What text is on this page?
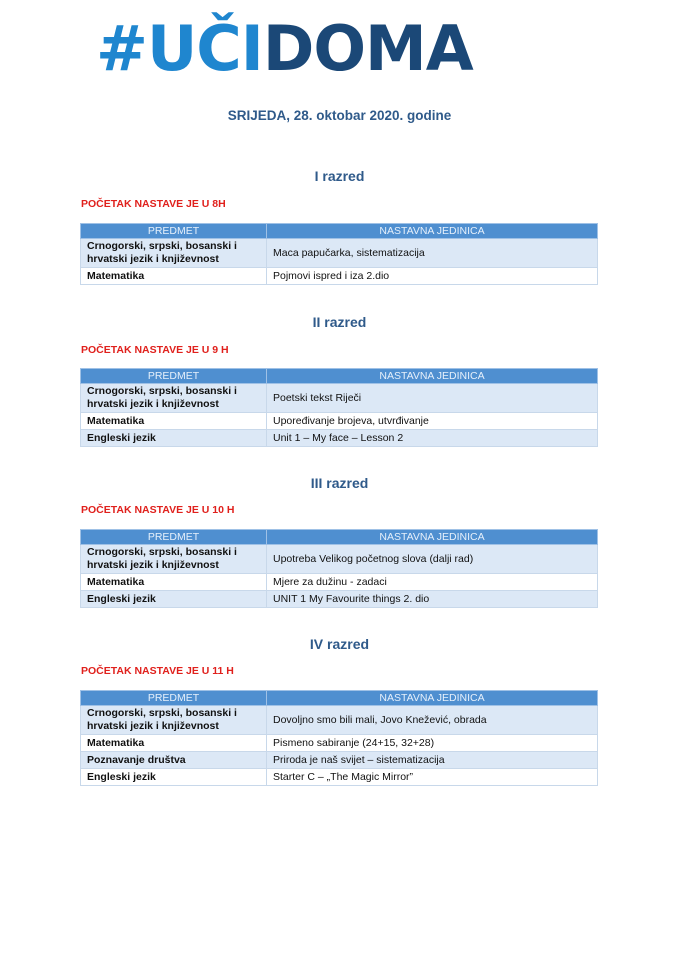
#UČIDOMA
SRIJEDA, 28. oktobar 2020. godine
I razred
POČETAK NASTAVE JE U 8H
PREDMET	NASTAVNA JEDINICA
Crnogorski, srpski, bosanski i hrvatski jezik i književnost	Maca papučarka, sistematizacija
Matematika	Pojmovi ispred i iza 2.dio
II razred
POČETAK NASTAVE JE U 9 H
PREDMET	NASTAVNA JEDINICA
Crnogorski, srpski, bosanski i hrvatski jezik i književnost	Poetski tekst Riječi
Matematika	Upoređivanje brojeva, utvrđivanje
Engleski jezik	Unit 1 – My face – Lesson 2
III razred
POČETAK NASTAVE JE U 10 H
PREDMET	NASTAVNA JEDINICA
Crnogorski, srpski, bosanski i hrvatski jezik i književnost	Upotreba Velikog početnog slova (dalji rad)
Matematika	Mjere za dužinu - zadaci
Engleski jezik	UNIT 1 My Favourite things 2. dio
IV razred
POČETAK NASTAVE JE U 11 H
PREDMET	NASTAVNA JEDINICA
Crnogorski, srpski, bosanski i hrvatski jezik i književnost	Dovoljno smo bili mali, Jovo Knežević, obrada
Matematika	Pismeno sabiranje (24+15, 32+28)
Poznavanje društva	Priroda je naš svijet – sistematizacija
Engleski jezik	Starter C – „The Magic Mirror”
